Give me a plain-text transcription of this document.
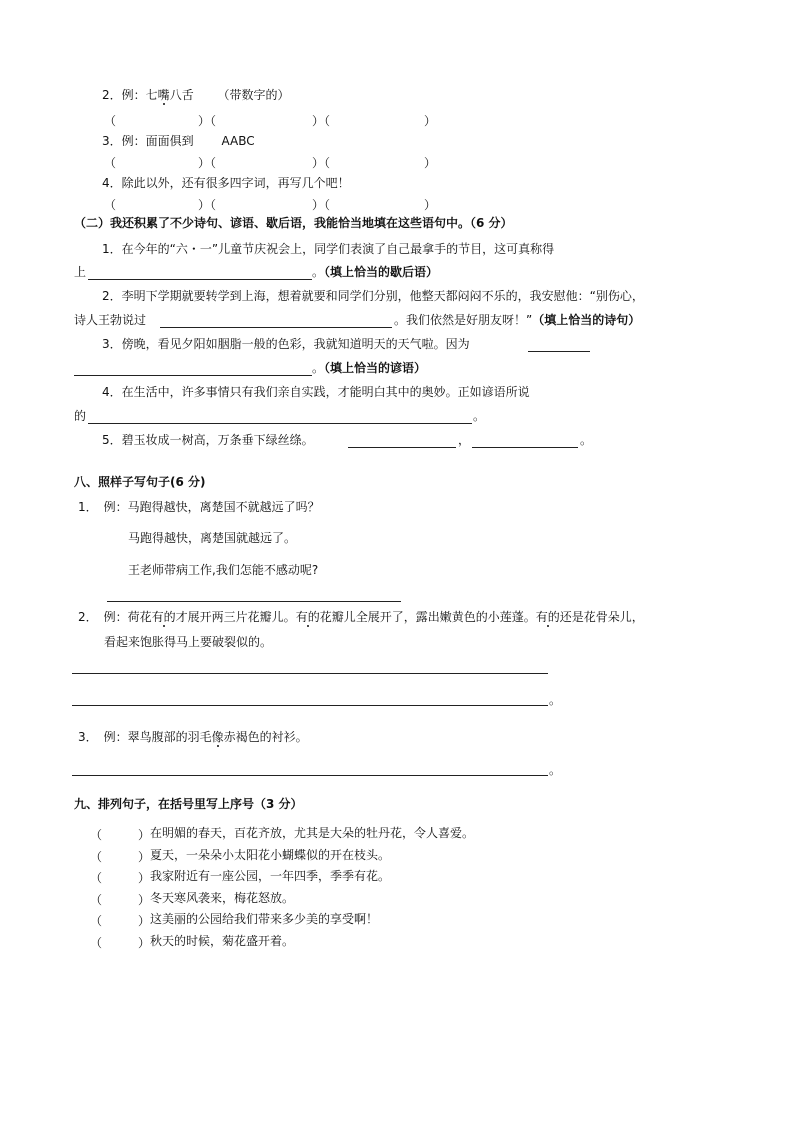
2．例：七嘴八舌 （带数字的）
（	）（	）（	）
3．例：面面俱到 AABC
（	）（	）（	）
4．除此以外，还有很多四字词，再写几个吧！
（	）（	）（	）
（二）我还积累了不少诗句、谚语、歇后语，我能恰当地填在这些语句中。（6 分）
1．在今年的“六・一”儿童节庆祝会上，同学们表演了自己最拿手的节目，这可真称得
上	。（填上恰当的歇后语）
2．李明下学期就要转学到上海，想着就要和同学们分别，他整天都闷闷不乐的，我安慰他：“别伤心，
诗人王勃说过	。我们依然是好朋友呀！”（填上恰当的诗句）
3．傍晚，看见夕阳如胭脂一般的色彩，我就知道明天的天气啦。因为
。（填上恰当的谚语）
4．在生活中，许多事情只有我们亲自实践，才能明白其中的奥妙。正如谚语所说
的	。
5．碧玉妆成一树高，万条垂下绿丝绦。	，	。
八、照样子写句子(6 分)
1． 例：马跑得越快，离楚国不就越远了吗？
马跑得越快，离楚国就越远了。
王老师带病工作,我们怎能不感动呢?
2． 例：荷花有的才展开两三片花瓣儿。有的花瓣儿全展开了，露出嫩黄色的小莲蓬。有的还是花骨朵儿，
看起来饱胀得马上要破裂似的。
。
3． 例：翠鸟腹部的羽毛像赤褐色的衬衫。
。
九、排列句子，在括号里写上序号（3 分）
（	） 在明媚的春天，百花齐放，尤其是大朵的牡丹花，令人喜爱。
（	） 夏天，一朵朵小太阳花小蝴蝶似的开在枝头。
（	） 我家附近有一座公园，一年四季，季季有花。
（	） 冬天寒风袭来，梅花怒放。
（	） 这美丽的公园给我们带来多少美的享受啊！
（	） 秋天的时候，菊花盛开着。
